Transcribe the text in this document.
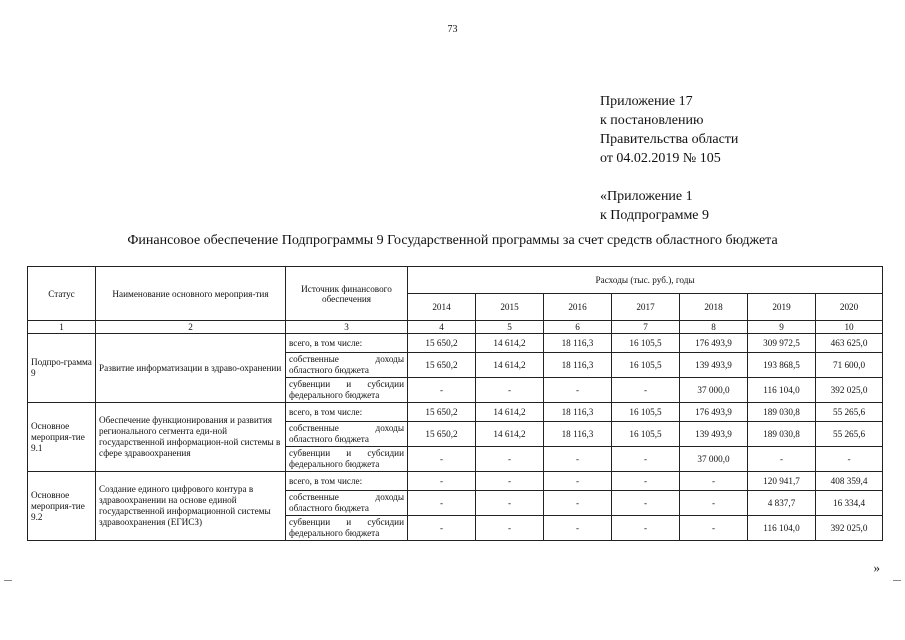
73
Приложение 17
к постановлению
Правительства области
от 04.02.2019 № 105
«Приложение 1
к Подпрограмме 9
Финансовое обеспечение Подпрограммы 9 Государственной программы за счет средств областного бюджета
Статус	Наименование основного мероприя-тия	Источник финансового обеспечения	Расходы (тыс. руб.), годы						
			2014	2015	2016	2017	2018	2019	2020
1	2	3	4	5	6	7	8	9	10
Подпро-грамма 9	Развитие информатизации в здраво-охранении	всего, в том числе:	15 650,2	14 614,2	18 116,3	16 105,5	176 493,9	309 972,5	463 625,0
		собственные доходы областного бюджета	15 650,2	14 614,2	18 116,3	16 105,5	139 493,9	193 868,5	71 600,0
		субвенции и субсидии федерального бюджета	-	-	-	-	37 000,0	116 104,0	392 025,0
Основное мероприя-тие 9.1	Обеспечение функционирования и развития регионального сегмента еди-ной государственной информацион-ной системы в сфере здравоохранения	всего, в том числе:	15 650,2	14 614,2	18 116,3	16 105,5	176 493,9	189 030,8	55 265,6
		собственные доходы областного бюджета	15 650,2	14 614,2	18 116,3	16 105,5	139 493,9	189 030,8	55 265,6
		субвенции и субсидии федерального бюджета	-	-	-	-	37 000,0	-	-
Основное мероприя-тие 9.2	Создание единого цифрового контура в здравоохранении на основе единой государственной информационной системы здравоохранения (ЕГИСЗ)	всего, в том числе:	-	-	-	-	-	120 941,7	408 359,4
		собственные доходы областного бюджета	-	-	-	-	-	4 837,7	16 334,4
		субвенции и субсидии федерального бюджета	-	-	-	-	-	116 104,0	392 025,0
»
